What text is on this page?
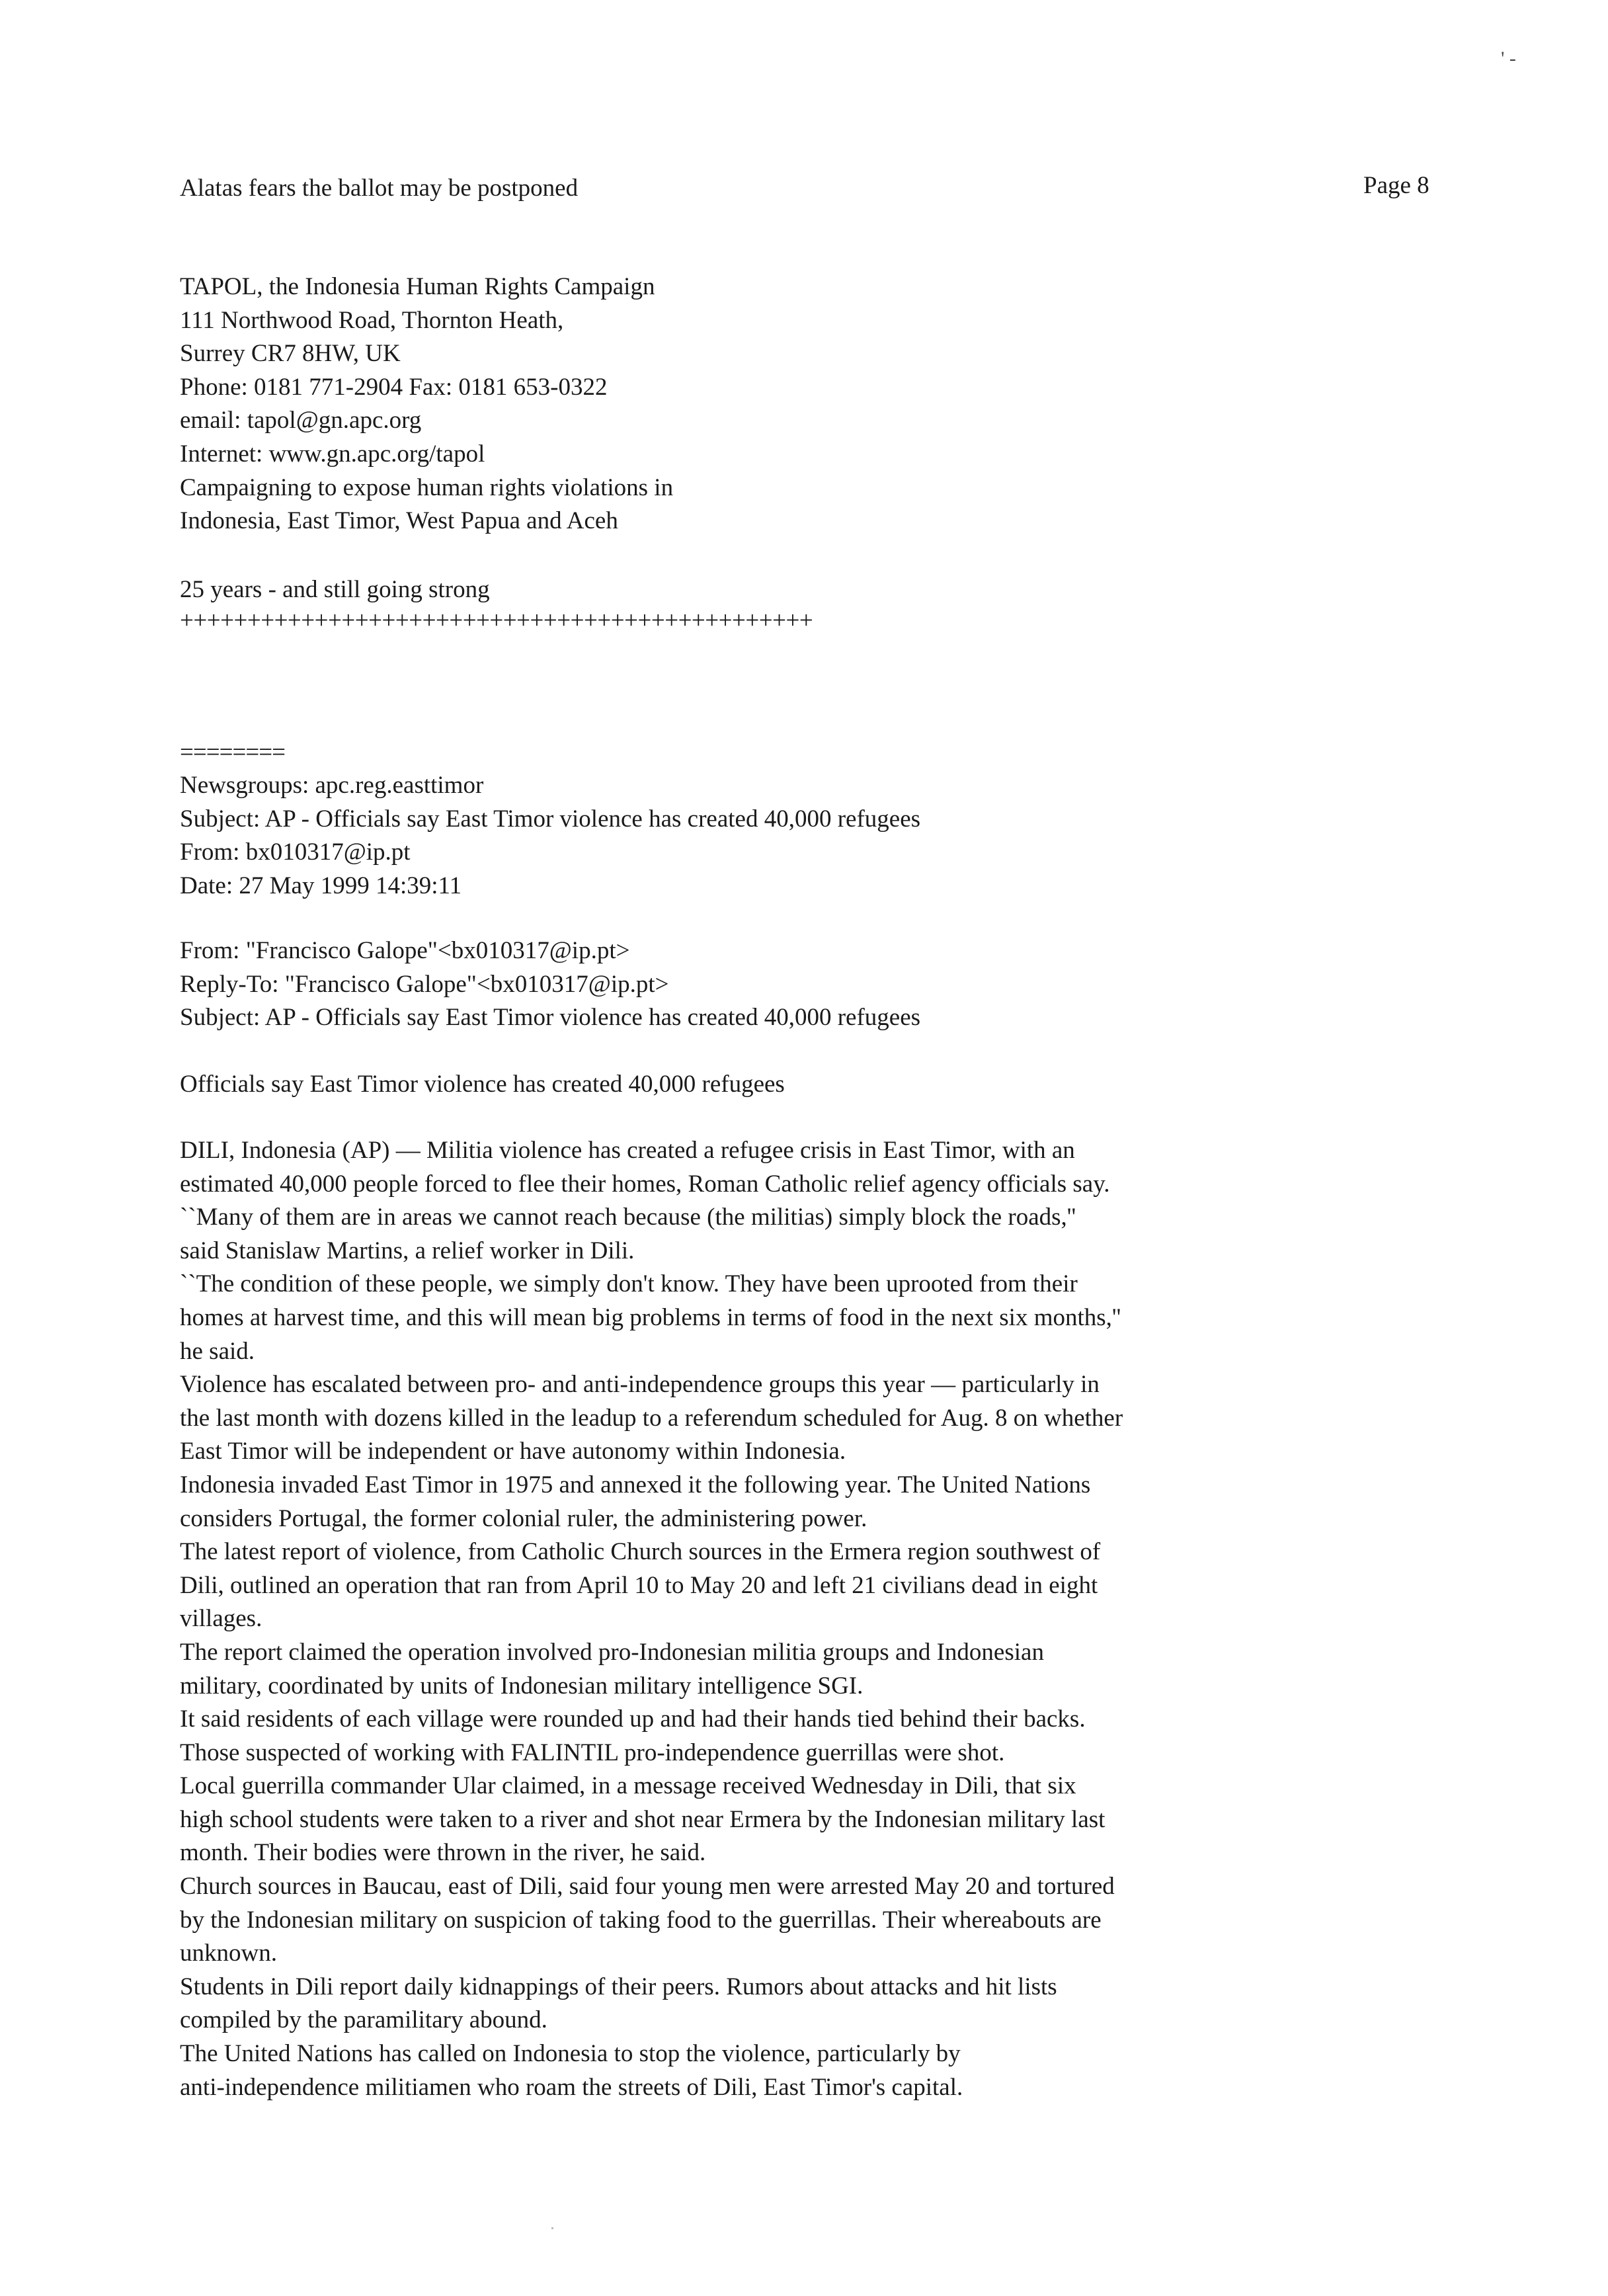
' -
Alatas fears the ballot may be postponed	Page 8
TAPOL, the Indonesia Human Rights Campaign
111 Northwood Road, Thornton Heath,
Surrey CR7 8HW, UK
Phone: 0181 771-2904 Fax: 0181 653-0322
email: tapol@gn.apc.org
Internet: www.gn.apc.org/tapol
Campaigning to expose human rights violations in
Indonesia, East Timor, West Papua and Aceh
25 years - and still going strong
+++++++++++++++++++++++++++++++++++++++++++++++
========
Newsgroups: apc.reg.easttimor
Subject: AP - Officials say East Timor violence has created 40,000 refugees
From: bx010317@ip.pt
Date: 27 May 1999 14:39:11
From: "Francisco Galope"<bx010317@ip.pt>
Reply-To: "Francisco Galope"<bx010317@ip.pt>
Subject: AP - Officials say East Timor violence has created 40,000 refugees
Officials say East Timor violence has created 40,000 refugees
DILI, Indonesia (AP) — Militia violence has created a refugee crisis in East Timor, with an
estimated 40,000 people forced to flee their homes, Roman Catholic relief agency officials say.
``Many of them are in areas we cannot reach because (the militias) simply block the roads,''
said Stanislaw Martins, a relief worker in Dili.
``The condition of these people, we simply don't know. They have been uprooted from their
homes at harvest time, and this will mean big problems in terms of food in the next six months,''
he said.
Violence has escalated between pro- and anti-independence groups this year — particularly in
the last month with dozens killed in the leadup to a referendum scheduled for Aug. 8 on whether
East Timor will be independent or have autonomy within Indonesia.
Indonesia invaded East Timor in 1975 and annexed it the following year. The United Nations
considers Portugal, the former colonial ruler, the administering power.
The latest report of violence, from Catholic Church sources in the Ermera region southwest of
Dili, outlined an operation that ran from April 10 to May 20 and left 21 civilians dead in eight
villages.
The report claimed the operation involved pro-Indonesian militia groups and Indonesian
military, coordinated by units of Indonesian military intelligence SGI.
It said residents of each village were rounded up and had their hands tied behind their backs.
Those suspected of working with FALINTIL pro-independence guerrillas were shot.
Local guerrilla commander Ular claimed, in a message received Wednesday in Dili, that six
high school students were taken to a river and shot near Ermera by the Indonesian military last
month. Their bodies were thrown in the river, he said.
Church sources in Baucau, east of Dili, said four young men were arrested May 20 and tortured
by the Indonesian military on suspicion of taking food to the guerrillas. Their whereabouts are
unknown.
Students in Dili report daily kidnappings of their peers. Rumors about attacks and hit lists
compiled by the paramilitary abound.
The United Nations has called on Indonesia to stop the violence, particularly by
anti-independence militiamen who roam the streets of Dili, East Timor's capital.
